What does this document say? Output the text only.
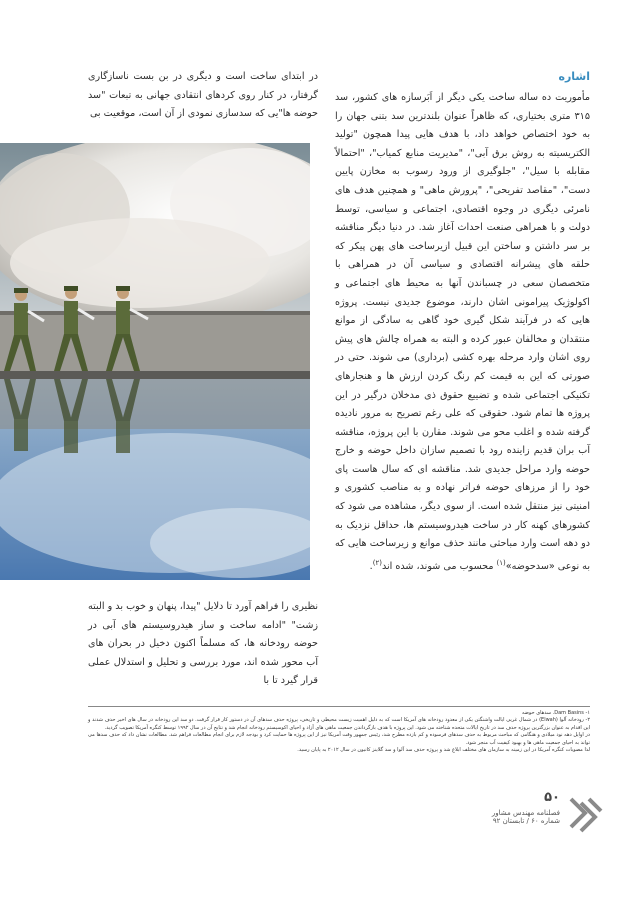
اشاره

مأموریت ده ساله ساخت یکی دیگر از اَبَرسازه های کشور، سد ۳۱۵ متری بختیاری، که ظاهراً عنوان بلندترین سد بتنی جهان را به خود اختصاص خواهد داد، با هدف هایی پیدا همچون "تولید الکتریسیته به روش برق آبی"، "مدیریت منابع کمیاب"، "احتمالاً مقابله با سیل"، "جلوگیری از ورود رسوب به مخازن پایین دست"، "مقاصد تفریحی"، "پرورش ماهی" و همچنین هدف های نامرئی دیگری در وجوه اقتصادی، اجتماعی و سیاسی، توسط دولت و با همراهی صنعت احداث آغاز شد. در دنیا دیگر مناقشه بر سر داشتن و ساختن این قبیل ازیرساخت های پهن پیکر که حلقه های پیشرانه اقتصادی و سیاسی آن در همراهی با متخصصان سعی در چسباندن آنها به محیط های اجتماعی و اکولوژیک پیرامونی اشان دارند، موضوع جدیدی نیست. پروژه هایی که در فرآیند شکل گیری خود گاهی به سادگی از موانع منتقدان و مخالفان عبور کرده و البته به همراه چالش های پیش روی اشان وارد مرحله بهره کشی (برداری) می شوند. حتی در صورتی که این به قیمت کم رنگ کردن ارزش ها و هنجارهای تکنیکی اجتماعی شده و تضییع حقوق ذی مدخلان درگیر در این پروژه ها تمام شود. حقوقی که علی رغم تصریح به مرور نادیده گرفته شده و اغلب محو می شوند. مقارن با این پروژه، مناقشه آب بران قدیم زاینده رود با تصمیم سازان داخل حوضه و خارج حوضه وارد مراحل جدیدی شد. مناقشه ای که سال هاست پای خود را از مرزهای حوضه فراتر نهاده و به مناصب کشوری و امنیتی نیز منتقل شده است. از سوی دیگر، مشاهده می شود که کشورهای کهنه کار در ساخت هیدروسیستم ها، حداقل نزدیک به دو دهه است وارد مباحثی مانند حذف موانع و زیرساخت هایی که به نوعی «سدحوضه»$^{(۱)}$ محسوب می شوند، شده اند$^{(۲)}$.

در ابتدای ساخت است و دیگری در بن بست ناسازگاری گرفتار، در کنار روی کردهای انتقادی جهانی به تبعات "سد حوضه ها"یی که سدسازی نمودی از آن است، موقعیت بی
نظیری را فراهم آورد تا دلایل "پیدا، پنهان و خوب بد و البته زشت" "ادامه ساخت و ساز هیدروسیستم های آبی در حوضه رودخانه ها، که مسلماً اکنون دخیل در بحران های آب محور شده اند، مورد بررسی و تحلیل و استدلال عملی قرار گیرد تا با

۱- Dam Basins. سدهای حوضه

۲- رودخانه آلوا (Elwah) در شمال غربی ایالت واشنگتن یکی از معدود رودخانه های آمریکا است که به دلیل اهمیت زیست محیطی و تاریخی، پروژه حذف سدهای آن در دستور کار قرار گرفت. دو سد این رودخانه در سال های اخیر حذف شدند و این اقدام به عنوان بزرگترین پروژه حذف سد در تاریخ ایالات متحده شناخته می شود. این پروژه با هدف بازگرداندن جمعیت ماهی های آزاد و احیای اکوسیستم رودخانه انجام شد و نتایج آن در سال ۱۹۹۲ توسط کنگره آمریکا تصویب گردید.

در اوایل دهه نود میلادی و هنگامی که مباحث مربوط به حذف سدهای فرسوده و کم بازده مطرح شد، رئیس جمهور وقت آمریکا نیز از این پروژه ها حمایت کرد و بودجه لازم برای انجام مطالعات فراهم شد. مطالعات نشان داد که حذف سدها می تواند به احیای جمعیت ماهی ها و بهبود کیفیت آب منجر شود.

لذا مصوبات کنگره آمریکا در این زمینه به سازمان های مختلف ابلاغ شد و پروژه حذف سد آلوا و سد گلاینز کانیون در سال ۲۰۱۲ به پایان رسید.

۵۰
فصلنامه مهندس مشاور
شماره ۶۰ / تابستان ۹۲
